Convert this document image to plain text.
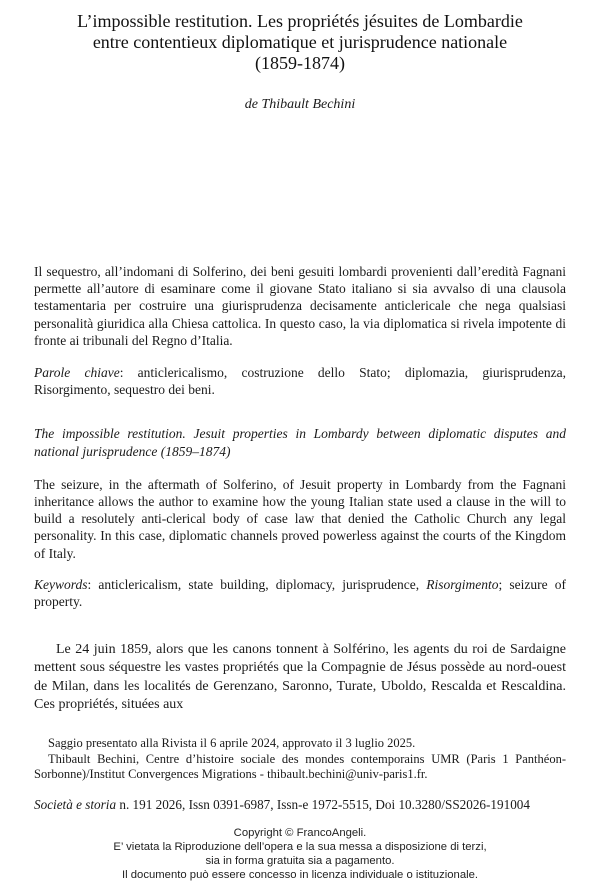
L’impossible restitution. Les propriétés jésuites de Lombardie
entre contentieux diplomatique et jurisprudence nationale
(1859-1874)
de Thibault Bechini

Il sequestro, all’indomani di Solferino, dei beni gesuiti lombardi provenienti dall’eredità Fagnani permette all’autore di esaminare come il giovane Stato italiano si sia avvalso di una clausola testamentaria per costruire una giurisprudenza decisamente anticlericale che nega qualsiasi personalità giuridica alla Chiesa cattolica. In questo caso, la via diplomatica si rivela impotente di fronte ai tribunali del Regno d’Italia.

Parole chiave: anticlericalismo, costruzione dello Stato; diplomazia, giurisprudenza, Risorgimento, sequestro dei beni.

The impossible restitution. Jesuit properties in Lombardy between diplomatic disputes and national jurisprudence (1859–1874)

The seizure, in the aftermath of Solferino, of Jesuit property in Lombardy from the Fagnani inheritance allows the author to examine how the young Italian state used a clause in the will to build a resolutely anti-clerical body of case law that denied the Catholic Church any legal personality. In this case, diplomatic channels proved powerless against the courts of the Kingdom of Italy.

Keywords: anticlericalism, state building, diplomacy, jurisprudence, Risorgimento; seizure of property.

Le 24 juin 1859, alors que les canons tonnent à Solférino, les agents du roi de Sardaigne mettent sous séquestre les vastes propriétés que la Compagnie de Jésus possède au nord-ouest de Milan, dans les localités de Gerenzano, Saronno, Turate, Uboldo, Rescalda et Rescaldina. Ces propriétés, situées aux

Saggio presentato alla Rivista il 6 aprile 2024, approvato il 3 luglio 2025.

Thibault Bechini, Centre d’histoire sociale des mondes contemporains UMR (Paris 1 Panthéon-Sorbonne)/Institut Convergences Migrations - thibault.bechini@univ-paris1.fr.

Società e storia n. 191 2026, Issn 0391-6987, Issn-e 1972-5515, Doi 10.3280/SS2026-191004
Copyright © FrancoAngeli.
E’ vietata la Riproduzione dell’opera e la sua messa a disposizione di terzi,
sia in forma gratuita sia a pagamento.
Il documento può essere concesso in licenza individuale o istituzionale.
